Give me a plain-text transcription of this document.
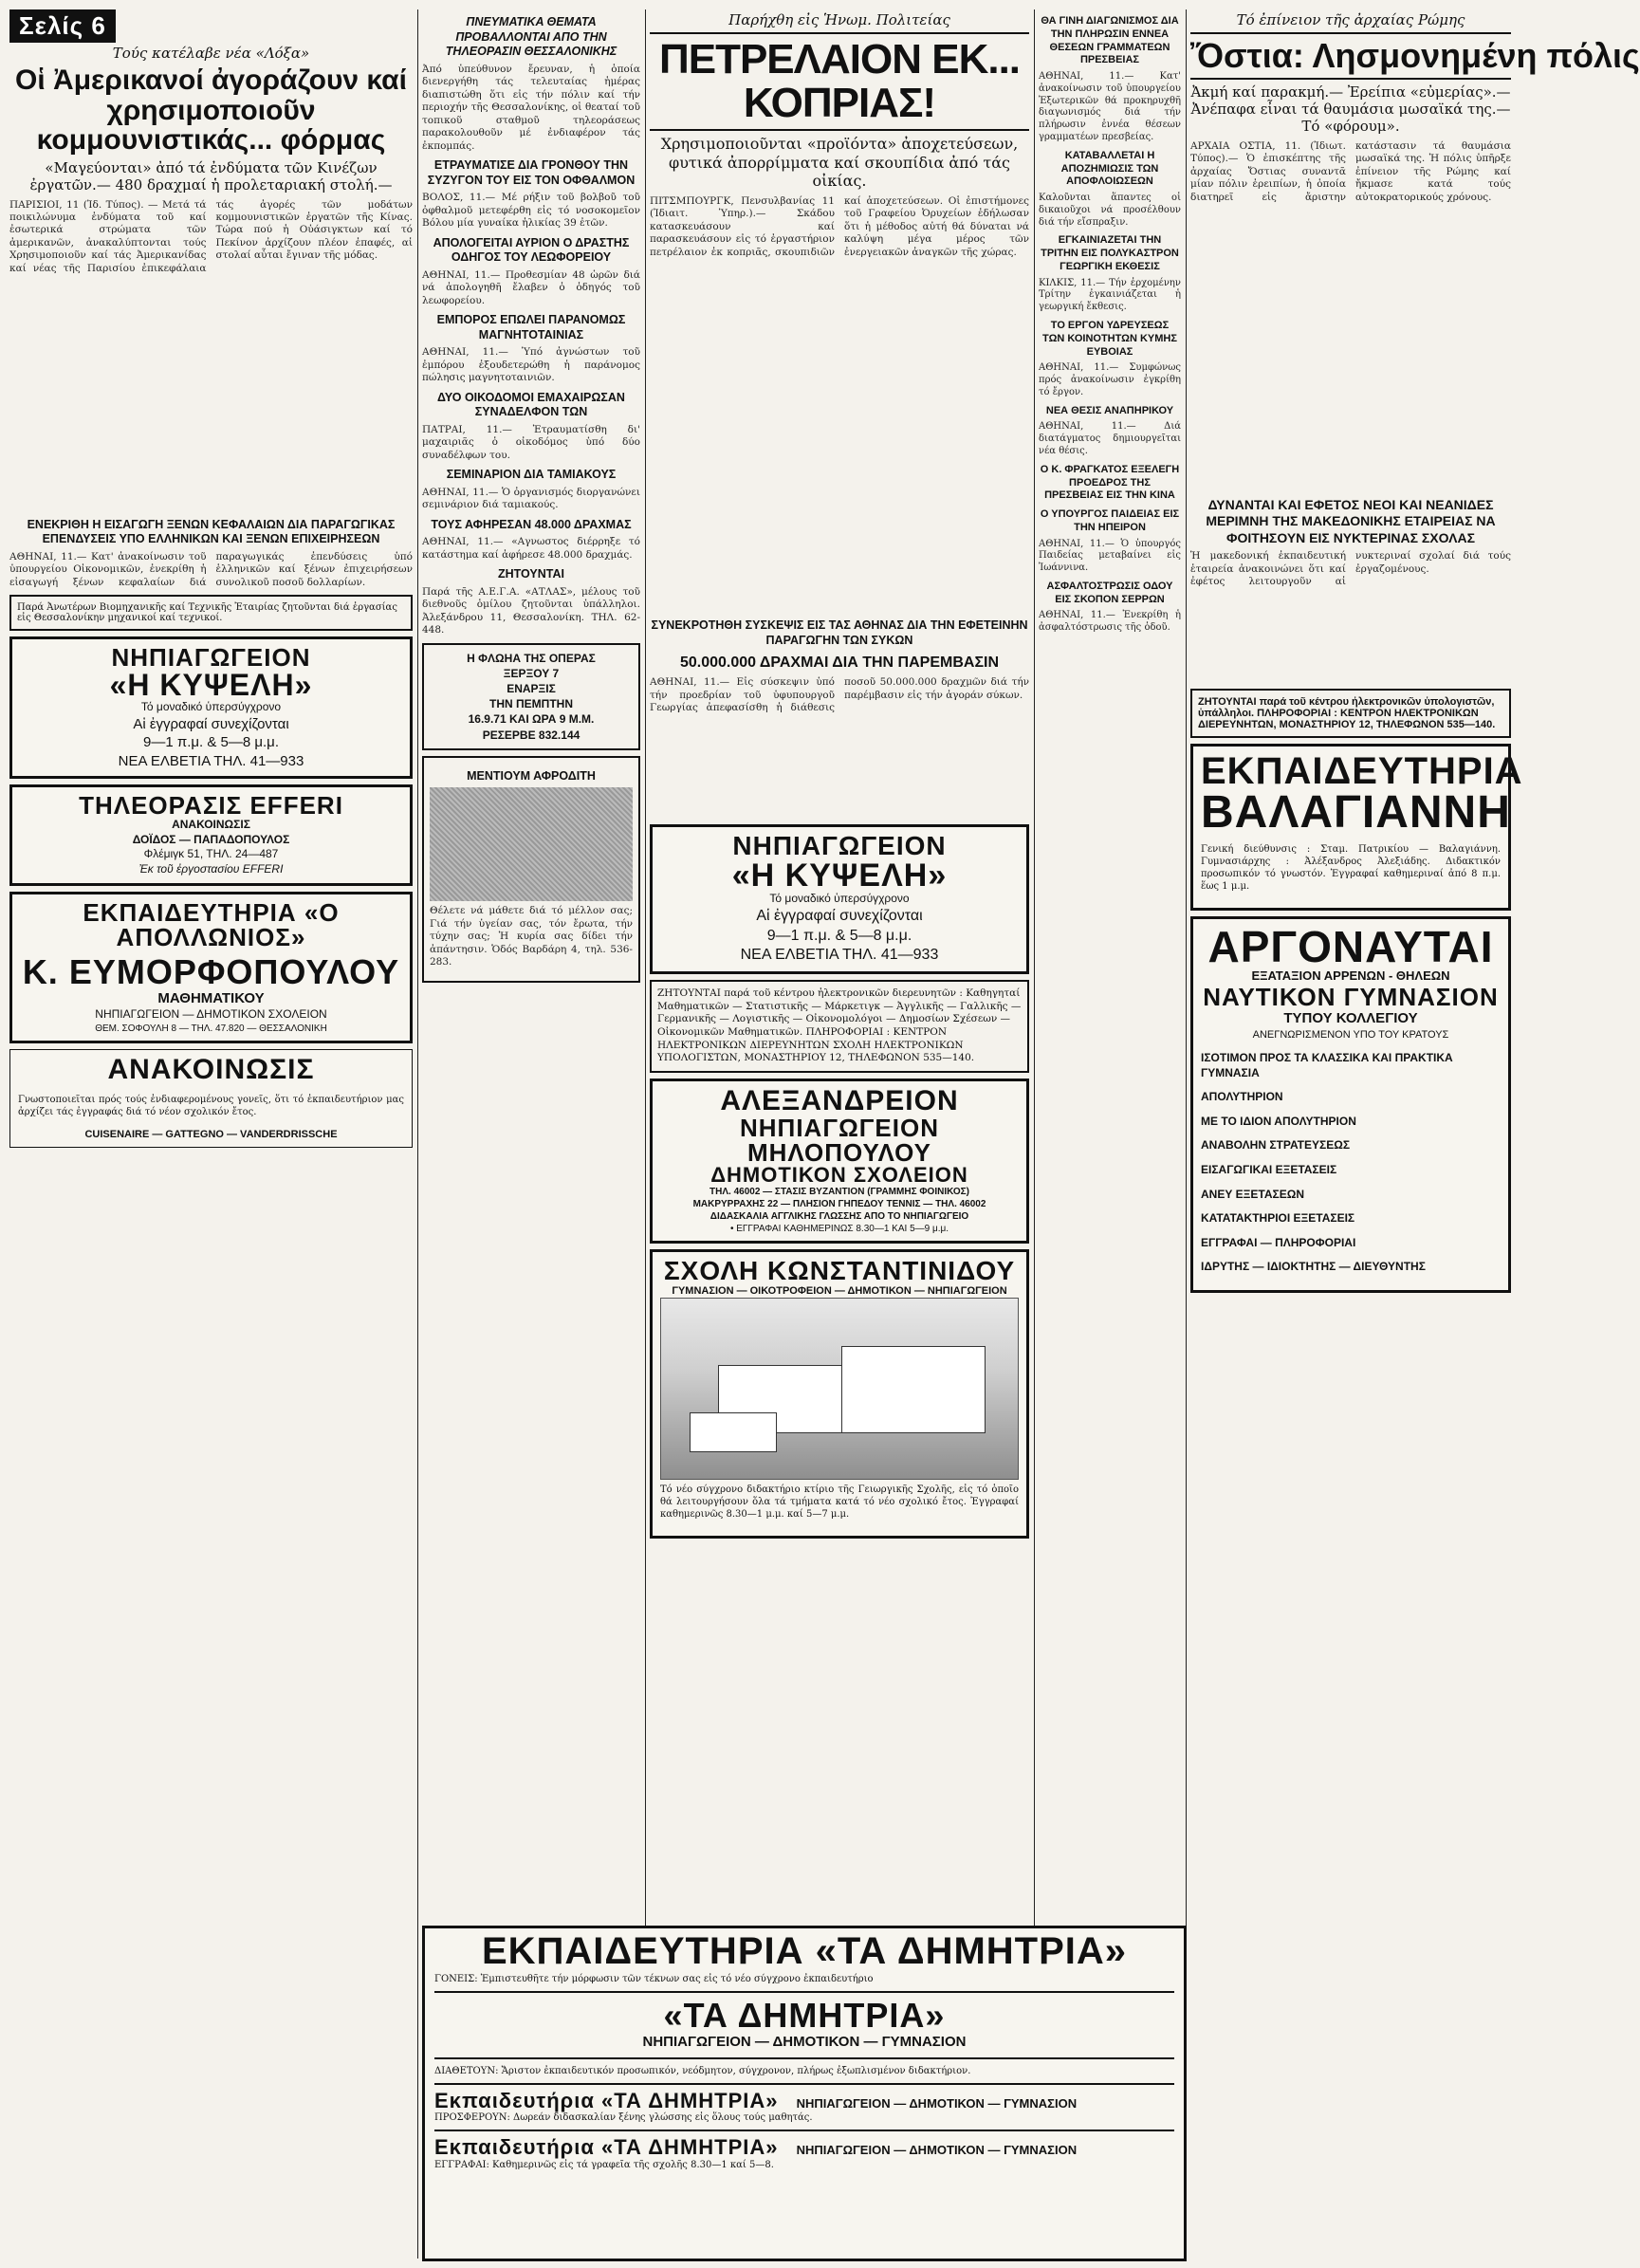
Σελίς 6
Τούς κατέλαβε νέα «Λόξα»
Οἱ Ἀμερικανοί ἀγοράζουν καί χρησιμοποιοῦν κομμουνιστικάς... φόρμας
«Μαγεύονται» ἀπό τά ἐνδύματα τῶν Κινέζων ἐργατῶν.— 480 δραχμαί ἡ προλεταριακή στολή.—

ΠΑΡΙΣΙΟΙ, 11 (Ἰδ. Τύπος). — Μετά τά ποικιλώνυμα ἐνδύματα τοῦ καί ἐσωτερικά στρώματα τῶν ἀμερικανῶν, ἀνακαλύπτονται τούς Χρησιμοποιοῦν καί τάς Ἀμερικανίδας καί νέας τῆς Παρισίου ἐπικεφάλαια τάς ἀγορές τῶν μοδάτων κομμουνιστικῶν ἐργατῶν τῆς Κίνας. Τώρα πού ἡ Οὐάσιγκτων καί τό Πεκίνον ἀρχίζουν πλέον ἐπαφές, αἱ στολαί αὗται ἔγιναν τῆς μόδας.

ΕΝΕΚΡΙΘΗ Η ΕΙΣΑΓΩΓΗ ΞΕΝΩΝ ΚΕΦΑΛΑΙΩΝ ΔΙΑ ΠΑΡΑΓΩΓΙΚΑΣ ΕΠΕΝΔΥΣΕΙΣ ΥΠΟ ΕΛΛΗΝΙΚΩΝ ΚΑΙ ΞΕΝΩΝ ΕΠΙΧΕΙΡΗΣΕΩΝ

ΑΘΗΝΑΙ, 11.— Κατ' ἀνακοίνωσιν τοῦ ὑπουργείου Οἰκονομικῶν, ἐνεκρίθη ἡ εἰσαγωγή ξένων κεφαλαίων διά παραγωγικάς ἐπενδύσεις ὑπό ἑλληνικῶν καί ξένων ἐπιχειρήσεων συνολικοῦ ποσοῦ δολλαρίων.

Παρά Ἀνωτέρων Βιομηχανικῆς καί Τεχνικῆς Ἐταιρίας ζητοῦνται διά ἐργασίας εἰς Θεσσαλονίκην μηχανικοί καί τεχνικοί.
ΝΗΠΙΑΓΩΓΕΙΟΝ
«Η ΚΥΨΕΛΗ»
Τό μοναδικό ὑπερσύγχρονο
Αἱ ἐγγραφαί συνεχίζονται
9—1 π.μ. & 5—8 μ.μ.
ΝΕΑ ΕΛΒΕΤΙΑ ΤΗΛ. 41—933
ΤΗΛΕΟΡΑΣΙΣ EFFERI
ΑΝΑΚΟΙΝΩΣΙΣ
ΔΟΪΔΟΣ — ΠΑΠΑΔΟΠΟΥΛΟΣ
Φλέμιγκ 51, ΤΗΛ. 24—487
Ἐκ τοῦ ἐργοστασίου EFFERI
ΕΚΠΑΙΔΕΥΤΗΡΙΑ «Ο ΑΠΟΛΛΩΝΙΟΣ»
Κ. ΕΥΜΟΡΦΟΠΟΥΛΟΥ
ΜΑΘΗΜΑΤΙΚΟΥ
ΝΗΠΙΑΓΩΓΕΙΟΝ — ΔΗΜΟΤΙΚΟΝ ΣΧΟΛΕΙΟΝ
ΘΕΜ. ΣΟΦΟΥΛΗ 8 — ΤΗΛ. 47.820 — ΘΕΣΣΑΛΟΝΙΚΗ
ΑΝΑΚΟΙΝΩΣΙΣ

Γνωστοποιεῖται πρός τούς ἐνδιαφερομένους γονεῖς, ὅτι τό ἐκπαιδευτήριον μας ἀρχίζει τάς ἐγγραφάς διά τό νέον σχολικόν ἔτος.

CUISENAIRE — GATTEGNO — VANDERDRISSCHE
ΠΝΕΥΜΑΤΙΚΑ ΘΕΜΑΤΑ ΠΡΟΒΑΛΛΟΝΤΑΙ ΑΠΟ ΤΗΝ ΤΗΛΕΟΡΑΣΙΝ ΘΕΣΣΑΛΟΝΙΚΗΣ

Ἀπό ὑπεύθυνον ἔρευναν, ἡ ὁποία διενεργήθη τάς τελευταίας ἡμέρας διαπιστώθη ὅτι εἰς τήν πόλιν καί τήν περιοχήν τῆς Θεσσαλονίκης, οἱ θεαταί τοῦ τοπικοῦ σταθμοῦ τηλεοράσεως παρακολουθοῦν μέ ἐνδιαφέρον τάς ἐκπομπάς.

ΕΤΡΑΥΜΑΤΙΣΕ ΔΙΑ ΓΡΟΝΘΟΥ ΤΗΝ ΣΥΖΥΓΟΝ ΤΟΥ ΕΙΣ ΤΟΝ ΟΦΘΑΛΜΟΝ

ΒΟΛΟΣ, 11.— Μέ ρήξιν τοῦ βολβοῦ τοῦ ὀφθαλμοῦ μετεφέρθη εἰς τό νοσοκομεῖον Βόλου μία γυναίκα ἡλικίας 39 ἐτῶν.

ΑΠΟΛΟΓΕΙΤΑΙ ΑΥΡΙΟΝ Ο ΔΡΑΣΤΗΣ ΟΔΗΓΟΣ ΤΟΥ ΛΕΩΦΟΡΕΙΟΥ

ΑΘΗΝΑΙ, 11.— Προθεσμίαν 48 ὡρῶν διά νά ἀπολογηθῆ ἔλαβεν ὁ ὁδηγός τοῦ λεωφορείου.

ΕΜΠΟΡΟΣ ΕΠΩΛΕΙ ΠΑΡΑΝΟΜΩΣ ΜΑΓΝΗΤΟΤΑΙΝΙΑΣ

ΑΘΗΝΑΙ, 11.— Ὑπό ἀγνώστων τοῦ ἐμπόρου ἐξουδετερώθη ἡ παράνομος πώλησις μαγνητοταινιῶν.

ΔΥΟ ΟΙΚΟΔΟΜΟΙ ΕΜΑΧΑΙΡΩΣΑΝ ΣΥΝΑΔΕΛΦΟΝ ΤΩΝ

ΠΑΤΡΑΙ, 11.— Ἐτραυματίσθη δι' μαχαιριᾶς ὁ οἰκοδόμος ὑπό δύο συναδέλφων του.

ΣΕΜΙΝΑΡΙΟΝ ΔΙΑ ΤΑΜΙΑΚΟΥΣ

ΑΘΗΝΑΙ, 11.— Ὁ ὀργανισμός διοργανώνει σεμινάριον διά ταμιακούς.

ΤΟΥΣ ΑΦΗΡΕΣΑΝ 48.000 ΔΡΑΧΜΑΣ

ΑΘΗΝΑΙ, 11.— «Αγνωστος διέρρηξε τό κατάστημα καί ἀφήρεσε 48.000 δραχμάς.

ΖΗΤΟΥΝΤΑΙ

Παρά τῆς Α.Ε.Γ.Α. «ΑΤΛΑΣ», μέλους τοῦ διεθνοῦς ὁμίλου ζητοῦνται ὑπάλληλοι. Ἀλεξάνδρου 11, Θεσσαλονίκη. ΤΗΛ. 62-448.

Η ΦΛΩΗΑ ΤΗΣ ΟΠΕΡΑΣ
ΞΕΡΞΟΥ 7
ΕΝΑΡΞΙΣ
ΤΗΝ ΠΕΜΠΤΗΝ
16.9.71 ΚΑΙ ΩΡΑ 9 Μ.Μ.
ΡΕΣΕΡΒΕ 832.144
ΜΕΝΤΙΟΥΜ ΑΦΡΟΔΙΤΗ

Θέλετε νά μάθετε διά τό μέλλον σας; Γιά τήν ὑγείαν σας, τόν ἔρωτα, τήν τύχην σας; Ἡ κυρία σας δίδει τήν ἀπάντησιν. Ὁδός Βαρδάρη 4, τηλ. 536-283.

Παρήχθη εἰς Ἡνωμ. Πολιτείας
ΠΕΤΡΕΛΑΙΟΝ ΕΚ... ΚΟΠΡΙΑΣ!
Χρησιμοποιοῦνται «προϊόντα» ἀποχετεύσεων, φυτικά ἀπορρίμματα καί σκουπίδια ἀπό τάς οἰκίας.

ΠΙΤΣΜΠΟΥΡΓΚ, Πενσυλβανίας 11 (Ἰδιαιτ. Ὑπηρ.).— Σκάδου κατασκευάσουν καί παρασκευάσουν εἰς τό ἐργαστήριον πετρέλαιον ἐκ κοπριᾶς, σκουπιδιῶν καί ἀποχετεύσεων. Οἱ ἐπιστήμονες τοῦ Γραφείου Ὀρυχείων ἐδήλωσαν ὅτι ἡ μέθοδος αὐτή θά δύναται νά καλύψη μέγα μέρος τῶν ἐνεργειακῶν ἀναγκῶν τῆς χώρας.

ΣΥΝΕΚΡΟΤΗΘΗ ΣΥΣΚΕΨΙΣ ΕΙΣ ΤΑΣ ΑΘΗΝΑΣ ΔΙΑ ΤΗΝ ΕΦΕΤΕΙΝΗΝ ΠΑΡΑΓΩΓΗΝ ΤΩΝ ΣΥΚΩΝ
50.000.000 ΔΡΑΧΜΑΙ ΔΙΑ ΤΗΝ ΠΑΡΕΜΒΑΣΙΝ

ΑΘΗΝΑΙ, 11.— Εἰς σύσκεψιν ὑπό τήν προεδρίαν τοῦ ὑφυπουργοῦ Γεωργίας ἀπεφασίσθη ἡ διάθεσις ποσοῦ 50.000.000 δραχμῶν διά τήν παρέμβασιν εἰς τήν ἀγοράν σύκων.

ΝΗΠΙΑΓΩΓΕΙΟΝ
«Η ΚΥΨΕΛΗ»
Τό μοναδικό ὑπερσύγχρονο
Αἱ ἐγγραφαί συνεχίζονται
9—1 π.μ. & 5—8 μ.μ.
ΝΕΑ ΕΛΒΕΤΙΑ ΤΗΛ. 41—933
ΖΗΤΟΥΝΤΑΙ παρά τοῦ κέντρου ἠλεκτρονικῶν διερευνητῶν : Καθηγηταί Μαθηματικῶν — Στατιστικῆς — Μάρκετιγκ — Ἀγγλικῆς — Γαλλικῆς — Γερμανικῆς — Λογιστικῆς — Οἰκονομολόγοι — Δημοσίων Σχέσεων — Οἰκονομικῶν Μαθηματικῶν. ΠΛΗΡΟΦΟΡΙΑΙ : ΚΕΝΤΡΟΝ ΗΛΕΚΤΡΟΝΙΚΩΝ ΔΙΕΡΕΥΝΗΤΩΝ ΣΧΟΛΗ ΗΛΕΚΤΡΟΝΙΚΩΝ ΥΠΟΛΟΓΙΣΤΩΝ, ΜΟΝΑΣΤΗΡΙΟΥ 12, ΤΗΛΕΦΩΝΟΝ 535—140.
ΑΛΕΞΑΝΔΡΕΙΟΝ
ΝΗΠΙΑΓΩΓΕΙΟΝ ΜΗΛΟΠΟΥΛΟΥ
ΔΗΜΟΤΙΚΟΝ ΣΧΟΛΕΙΟΝ
ΤΗΛ. 46002 — ΣΤΑΣΙΣ ΒΥΖΑΝΤΙΟΝ (ΓΡΑΜΜΗΣ ΦΟΙΝΙΚΟΣ)
ΜΑΚΡΥΡΡΑΧΗΣ 22 — ΠΛΗΣΙΟΝ ΓΗΠΕΔΟΥ ΤΕΝΝΙΣ — ΤΗΛ. 46002
ΔΙΔΑΣΚΑΛΙΑ ΑΓΓΛΙΚΗΣ ΓΛΩΣΣΗΣ ΑΠΟ ΤΟ ΝΗΠΙΑΓΩΓΕΙΟ
• ΕΓΓΡΑΦΑΙ ΚΑΘΗΜΕΡΙΝΩΣ 8.30—1 ΚΑΙ 5—9 μ.μ.
ΣΧΟΛΗ ΚΩΝΣΤΑΝΤΙΝΙΔΟΥ
ΓΥΜΝΑΣΙΟΝ — ΟΙΚΟΤΡΟΦΕΙΟΝ — ΔΗΜΟΤΙΚΟΝ — ΝΗΠΙΑΓΩΓΕΙΟΝ

Τό νέο σύγχρονο διδακτήριο κτίριο τῆς Γειωργικῆς Σχολῆς, εἰς τό ὁποῖο θά λειτουργήσουν ὅλα τά τμήματα κατά τό νέο σχολικό ἔτος. Ἐγγραφαί καθημερινῶς 8.30—1 μ.μ. καί 5—7 μ.μ.

ΘΑ ΓΙΝΗ ΔΙΑΓΩΝΙΣΜΟΣ ΔΙΑ ΤΗΝ ΠΛΗΡΩΣΙΝ ΕΝΝΕΑ ΘΕΣΕΩΝ ΓΡΑΜΜΑΤΕΩΝ ΠΡΕΣΒΕΙΑΣ

ΑΘΗΝΑΙ, 11.— Κατ' ἀνακοίνωσιν τοῦ ὑπουργείου Ἐξωτερικῶν θά προκηρυχθῆ διαγωνισμός διά τήν πλήρωσιν ἐννέα θέσεων γραμματέων πρεσβείας.

ΚΑΤΑΒΑΛΛΕΤΑΙ Η ΑΠΟΖΗΜΙΩΣΙΣ ΤΩΝ ΑΠΟΦΛΟΙΩΣΕΩΝ

Καλοῦνται ἅπαντες οἱ δικαιοῦχοι νά προσέλθουν διά τήν εἴσπραξιν.

ΕΓΚΑΙΝΙΑΖΕΤΑΙ ΤΗΝ ΤΡΙΤΗΝ ΕΙΣ ΠΟΛΥΚΑΣΤΡΟΝ ΓΕΩΡΓΙΚΗ ΕΚΘΕΣΙΣ

ΚΙΛΚΙΣ, 11.— Τήν ἐρχομένην Τρίτην ἐγκαινιάζεται ἡ γεωργική ἔκθεσις.

ΤΟ ΕΡΓΟΝ ΥΔΡΕΥΣΕΩΣ ΤΩΝ ΚΟΙΝΟΤΗΤΩΝ ΚΥΜΗΣ ΕΥΒΟΙΑΣ

ΑΘΗΝΑΙ, 11.— Συμφώνως πρός ἀνακοίνωσιν ἐγκρίθη τό ἔργον.

ΝΕΑ ΘΕΣΙΣ ΑΝΑΠΗΡΙΚΟΥ

ΑΘΗΝΑΙ, 11.— Διά διατάγματος δημιουργεῖται νέα θέσις.

Ο Κ. ΦΡΑΓΚΑΤΟΣ ΕΞΕΛΕΓΗ ΠΡΟΕΔΡΟΣ ΤΗΣ ΠΡΕΣΒΕΙΑΣ ΕΙΣ ΤΗΝ ΚΙΝΑ
Ο ΥΠΟΥΡΓΟΣ ΠΑΙΔΕΙΑΣ ΕΙΣ ΤΗΝ ΗΠΕΙΡΟΝ

ΑΘΗΝΑΙ, 11.— Ὁ ὑπουργός Παιδείας μεταβαίνει εἰς Ἰωάννινα.

ΑΣΦΑΛΤΟΣΤΡΩΣΙΣ ΟΔΟΥ ΕΙΣ ΣΚΟΠΟΝ ΣΕΡΡΩΝ

ΑΘΗΝΑΙ, 11.— Ἐνεκρίθη ἡ ἀσφαλτόστρωσις τῆς ὁδοῦ.

Τό ἐπίνειον τῆς ἀρχαίας Ρώμης
Ὄστια: Λησμονημένη πόλις
Ἀκμή καί παρακμή.— Ἐρείπια «εὐμερίας».— Ἀνέπαφα εἶναι τά θαυμάσια μωσαϊκά της.— Τό «φόρουμ».

ΑΡΧΑΙΑ ΟΣΤΙΑ, 11. (Ἰδιωτ. Τύπος).— Ὁ ἐπισκέπτης τῆς ἀρχαίας Ὄστιας συναντᾶ μίαν πόλιν ἐρειπίων, ἡ ὁποία διατηρεῖ εἰς ἄριστην κατάστασιν τά θαυμάσια μωσαϊκά της. Ἡ πόλις ὑπῆρξε ἐπίνειον τῆς Ρώμης καί ἤκμασε κατά τούς αὐτοκρατορικούς χρόνους.

ΔΥΝΑΝΤΑΙ ΚΑΙ ΕΦΕΤΟΣ ΝΕΟΙ ΚΑΙ ΝΕΑΝΙΔΕΣ ΜΕΡΙΜΝΗ ΤΗΣ ΜΑΚΕΔΟΝΙΚΗΣ ΕΤΑΙΡΕΙΑΣ ΝΑ ΦΟΙΤΗΣΟΥΝ ΕΙΣ ΝΥΚΤΕΡΙΝΑΣ ΣΧΟΛΑΣ

Ἡ μακεδονική ἐκπαιδευτική ἑταιρεία ἀνακοινώνει ὅτι καί ἐφέτος λειτουργοῦν αἱ νυκτεριναί σχολαί διά τούς ἐργαζομένους.

ΖΗΤΟΥΝΤΑΙ παρά τοῦ κέντρου ἠλεκτρονικῶν ὑπολογιστῶν, ὑπάλληλοι. ΠΛΗΡΟΦΟΡΙΑΙ : ΚΕΝΤΡΟΝ ΗΛΕΚΤΡΟΝΙΚΩΝ ΔΙΕΡΕΥΝΗΤΩΝ, ΜΟΝΑΣΤΗΡΙΟΥ 12, ΤΗΛΕΦΩΝΟΝ 535—140.
ΕΚΠΑΙΔΕΥΤΗΡΙΑ
ΒΑΛΑΓΙΑΝΝΗ

Γενική διεύθυνσις : Σταμ. Πατρικίου — Βαλαγιάννη. Γυμνασιάρχης : Ἀλέξανδρος Ἀλεξιάδης. Διδακτικόν προσωπικόν τό γνωστόν. Ἐγγραφαί καθημεριναί ἀπό 8 π.μ. ἕως 1 μ.μ.

ΑΡΓΟΝΑΥΤΑΙ
ΕΞΑΤΑΞΙΟΝ ΑΡΡΕΝΩΝ - ΘΗΛΕΩΝ
ΝΑΥΤΙΚΟΝ ΓΥΜΝΑΣΙΟΝ
ΤΥΠΟΥ ΚΟΛΛΕΓΙΟΥ
ΑΝΕΓΝΩΡΙΣΜΕΝΟΝ ΥΠΟ ΤΟΥ ΚΡΑΤΟΥΣ
ΙΣΟΤΙΜΟΝ ΠΡΟΣ ΤΑ ΚΛΑΣΣΙΚΑ ΚΑΙ ΠΡΑΚΤΙΚΑ ΓΥΜΝΑΣΙΑ
ΑΠΟΛΥΤΗΡΙΟΝ
ΜΕ ΤΟ ΙΔΙΟΝ ΑΠΟΛΥΤΗΡΙΟΝ
ΑΝΑΒΟΛΗΝ ΣΤΡΑΤΕΥΣΕΩΣ
ΕΙΣΑΓΩΓΙΚΑΙ ΕΞΕΤΑΣΕΙΣ
ΑΝΕΥ ΕΞΕΤΑΣΕΩΝ
ΚΑΤΑΤΑΚΤΗΡΙΟΙ ΕΞΕΤΑΣΕΙΣ
ΕΓΓΡΑΦΑΙ — ΠΛΗΡΟΦΟΡΙΑΙ
ΙΔΡΥΤΗΣ — ΙΔΙΟΚΤΗΤΗΣ — ΔΙΕΥΘΥΝΤΗΣ
ΕΚΠΑΙΔΕΥΤΗΡΙΑ «ΤΑ ΔΗΜΗΤΡΙΑ»
ΓΟΝΕΙΣ: Ἐμπιστευθῆτε τήν μόρφωσιν τῶν τέκνων σας εἰς τό νέο σύγχρονο ἐκπαιδευτήριο
«ΤΑ ΔΗΜΗΤΡΙΑ»
ΝΗΠΙΑΓΩΓΕΙΟΝ — ΔΗΜΟΤΙΚΟΝ — ΓΥΜΝΑΣΙΟΝ
ΔΙΑΘΕΤΟΥΝ: Ἄριστον ἐκπαιδευτικόν προσωπικόν, νεόδμητον, σύγχρονον, πλήρως ἐξωπλισμένον διδακτήριον.
Εκπαιδευτήρια «ΤΑ ΔΗΜΗΤΡΙΑ» ΝΗΠΙΑΓΩΓΕΙΟΝ — ΔΗΜΟΤΙΚΟΝ — ΓΥΜΝΑΣΙΟΝ
ΠΡΟΣΦΕΡΟΥΝ: Δωρεάν διδασκαλίαν ξένης γλώσσης εἰς ὅλους τούς μαθητάς.
Εκπαιδευτήρια «ΤΑ ΔΗΜΗΤΡΙΑ» ΝΗΠΙΑΓΩΓΕΙΟΝ — ΔΗΜΟΤΙΚΟΝ — ΓΥΜΝΑΣΙΟΝ
ΕΓΓΡΑΦΑΙ: Καθημερινῶς εἰς τά γραφεῖα τῆς σχολῆς 8.30—1 καί 5—8.
